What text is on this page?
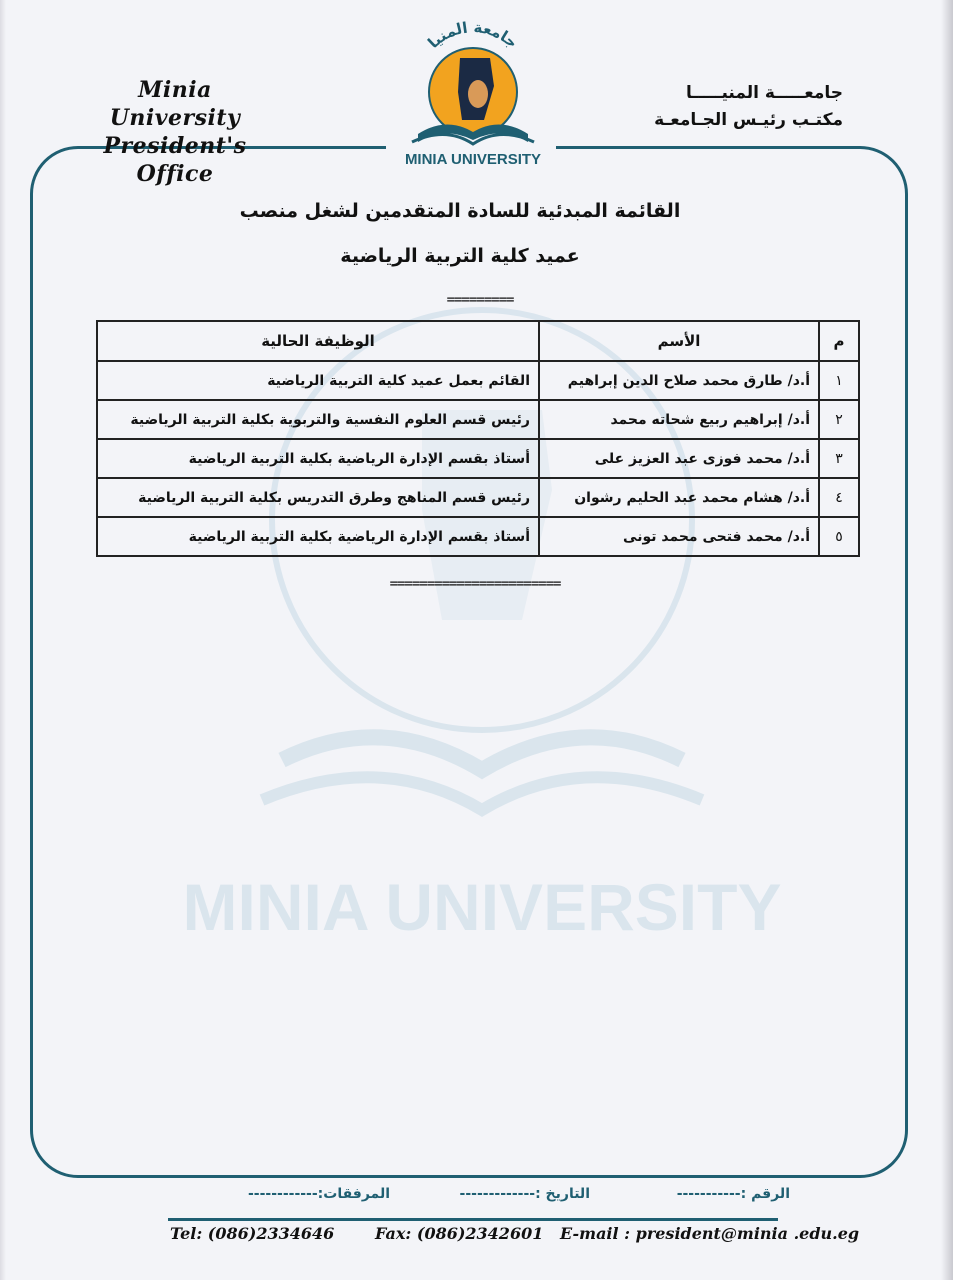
MINIA UNIVERSITY
Minia University
President's Office
جامعـــــة المنيـــــا
مكتـب رئيـس الجـامعـة
جامعة المنيا
MINIA UNIVERSITY
القائمة المبدئية للسادة المتقدمين لشغل منصب
عميد كلية التربية الرياضية
=========
م	الأسم	الوظيفة الحالية
١	أ.د/ طارق محمد صلاح الدين إبراهيم	القائم بعمل عميد كلية التربية الرياضية
٢	أ.د/ إبراهيم ربيع شحاته محمد	رئيس قسم العلوم النفسية والتربوية بكلية التربية الرياضية
٣	أ.د/ محمد فوزى عبد العزيز على	أستاذ بقسم الإدارة الرياضية بكلية التربية الرياضية
٤	أ.د/ هشام محمد عبد الحليم رشوان	رئيس قسم المناهج وطرق التدريس بكلية التربية الرياضية
٥	أ.د/ محمد فتحى محمد تونى	أستاذ بقسم الإدارة الرياضية بكلية التربية الرياضية
=======================
الرقم :-----------
التاريخ :-------------
المرفقات:------------
Tel: (086)2334646	Fax: (086)2342601 E-mail : president@minia .edu.eg
